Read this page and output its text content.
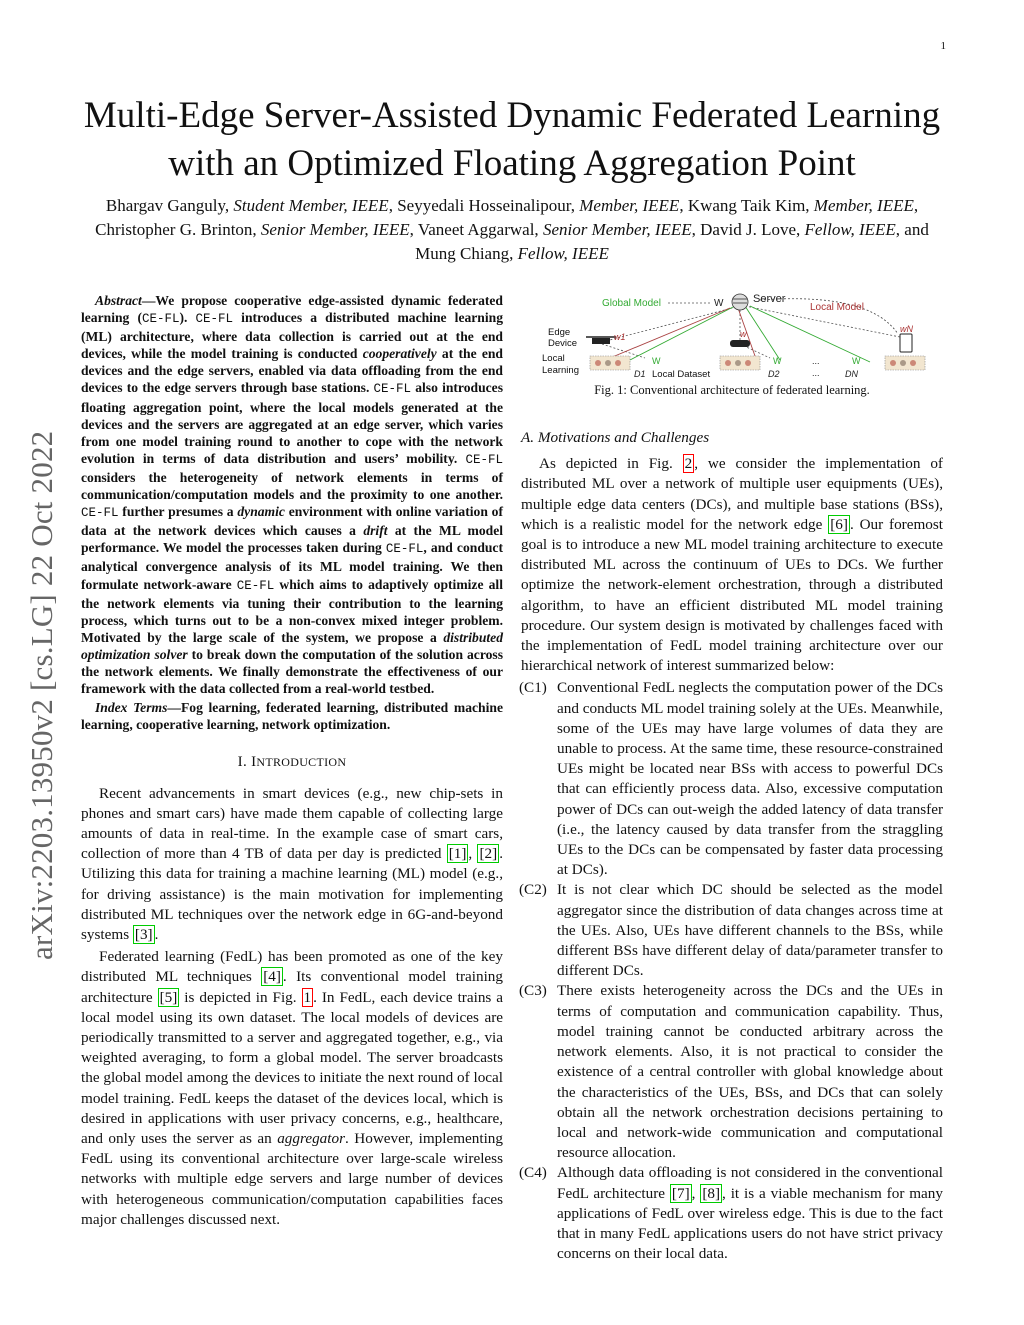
1
arXiv:2203.13950v2 [cs.LG] 22 Oct 2022
Multi-Edge Server-Assisted Dynamic Federated Learning with an Optimized Floating Aggregation Point
Bhargav Ganguly, Student Member, IEEE, Seyyedali Hosseinalipour, Member, IEEE, Kwang Taik Kim, Member, IEEE, Christopher G. Brinton, Senior Member, IEEE, Vaneet Aggarwal, Senior Member, IEEE, David J. Love, Fellow, IEEE, and Mung Chiang, Fellow, IEEE
Abstract—We propose cooperative edge-assisted dynamic federated learning (CE-FL). CE-FL introduces a distributed machine learning (ML) architecture, where data collection is carried out at the end devices, while the model training is conducted cooperatively at the end devices and the edge servers, enabled via data offloading from the end devices to the edge servers through base stations. CE-FL also introduces floating aggregation point, where the local models generated at the devices and the servers are aggregated at an edge server, which varies from one model training round to another to cope with the network evolution in terms of data distribution and users’ mobility. CE-FL considers the heterogeneity of network elements in terms of communication/computation models and the proximity to one another. CE-FL further presumes a dynamic environment with online variation of data at the network devices which causes a drift at the ML model performance. We model the processes taken during CE-FL, and conduct analytical convergence analysis of its ML model training. We then formulate network-aware CE-FL which aims to adaptively optimize all the network elements via tuning their contribution to the learning process, which turns out to be a non-convex mixed integer problem. Motivated by the large scale of the system, we propose a distributed optimization solver to break down the computation of the solution across the network elements. We finally demonstrate the effectiveness of our framework with the data collected from a real-world testbed.
Index Terms—Fog learning, federated learning, distributed machine learning, cooperative learning, network optimization.
I. INTRODUCTION

Recent advancements in smart devices (e.g., new chip-sets in phones and smart cars) have made them capable of collecting large amounts of data in real-time. In the example case of smart cars, collection of more than 4 TB of data per day is predicted [1] , [2] . Utilizing this data for training a machine learning (ML) model (e.g., for driving assistance) is the main motivation for implementing distributed ML techniques over the network edge in 6G-and-beyond systems [3] .

Federated learning (FedL) has been promoted as one of the key distributed ML techniques [4] . Its conventional model training architecture [5] is depicted in Fig. 1 . In FedL, each device trains a local model using its own dataset. The local models of devices are periodically transmitted to a server and aggregated together, e.g., via weighted averaging, to form a global model. The server broadcasts the global model among the devices to initiate the next round of local model training. FedL keeps the dataset of the devices local, which is desired in applications with user privacy concerns, e.g., healthcare, and only uses the server as an aggregator. However, implementing FedL using its conventional architecture over large-scale wireless networks with multiple edge servers and large number of devices with heterogeneous communication/computation capabilities faces major challenges discussed next.

Global Model	W	Server
Local Model
Edge
Device
Local
Learning
w1	w	wN
W	W	...
...
W
D1 Local Dataset	D2	DN
Fig. 1: Conventional architecture of federated learning.
A. Motivations and Challenges

As depicted in Fig. 2 , we consider the implementation of distributed ML over a network of multiple user equipments (UEs), multiple edge data centers (DCs), and multiple base stations (BSs), which is a realistic model for the network edge [6] . Our foremost goal is to introduce a new ML model training architecture to execute distributed ML across the continuum of UEs to DCs. We further optimize the network-element orchestration, through a distributed algorithm, to have an efficient distributed ML model training procedure. Our system design is motivated by challenges faced with the implementation of FedL model training architecture over our hierarchical network of interest summarized below:

(C1) Conventional FedL neglects the computation power of the DCs and conducts ML model training solely at the UEs. Meanwhile, some of the UEs may have large volumes of data they are unable to process. At the same time, these resource-constrained UEs might be located near BSs with access to powerful DCs that can efficiently process data. Also, excessive computation power of DCs can out-weigh the added latency of data transfer (i.e., the latency caused by data transfer from the straggling UEs to the DCs can be compensated by faster data processing at DCs).
(C2) It is not clear which DC should be selected as the model aggregator since the distribution of data changes across time at the UEs. Also, UEs have different channels to the BSs, while different BSs have different delay of data/parameter transfer to different DCs.
(C3) There exists heterogeneity across the DCs and the UEs in terms of computation and communication capability. Thus, model training cannot be conducted arbitrary across the network elements. Also, it is not practical to consider the existence of a central controller with global knowledge about the characteristics of the UEs, BSs, and DCs that can solely obtain all the network orchestration decisions pertaining to local and network-wide communication and computational resource allocation.
(C4) Although data offloading is not considered in the conventional FedL architecture [7] , [8] , it is a viable mechanism for many applications of FedL over wireless edge. This is due to the fact that in many FedL applications users do not have strict privacy concerns on their local data.
